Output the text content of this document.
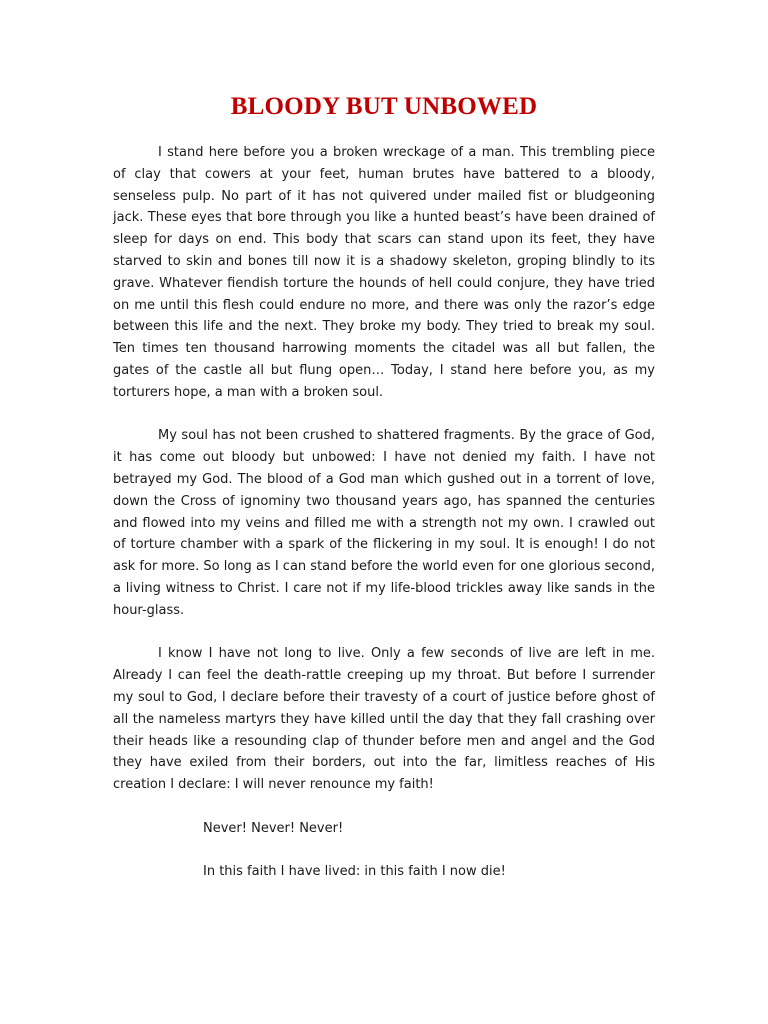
BLOODY BUT UNBOWED

I stand here before you a broken wreckage of a man. This trembling piece of clay that cowers at your feet, human brutes have battered to a bloody, senseless pulp. No part of it has not quivered under mailed fist or bludgeoning jack. These eyes that bore through you like a hunted beast’s have been drained of sleep for days on end. This body that scars can stand upon its feet, they have starved to skin and bones till now it is a shadowy skeleton, groping blindly to its grave. Whatever fiendish torture the hounds of hell could conjure, they have tried on me until this flesh could endure no more, and there was only the razor’s edge between this life and the next. They broke my body. They tried to break my soul. Ten times ten thousand harrowing moments the citadel was all but fallen, the gates of the castle all but flung open… Today, I stand here before you, as my torturers hope, a man with a broken soul.

My soul has not been crushed to shattered fragments. By the grace of God, it has come out bloody but unbowed: I have not denied my faith. I have not betrayed my God. The blood of a God man which gushed out in a torrent of love, down the Cross of ignominy two thousand years ago, has spanned the centuries and flowed into my veins and filled me with a strength not my own. I crawled out of torture chamber with a spark of the flickering in my soul. It is enough! I do not ask for more. So long as I can stand before the world even for one glorious second, a living witness to Christ. I care not if my life-blood trickles away like sands in the hour-glass.

I know I have not long to live. Only a few seconds of live are left in me. Already I can feel the death-rattle creeping up my throat. But before I surrender my soul to God, I declare before their travesty of a court of justice before ghost of all the nameless martyrs they have killed until the day that they fall crashing over their heads like a resounding clap of thunder before men and angel and the God they have exiled from their borders, out into the far, limitless reaches of His creation I declare: I will never renounce my faith!

Never! Never! Never!

In this faith I have lived: in this faith I now die!
